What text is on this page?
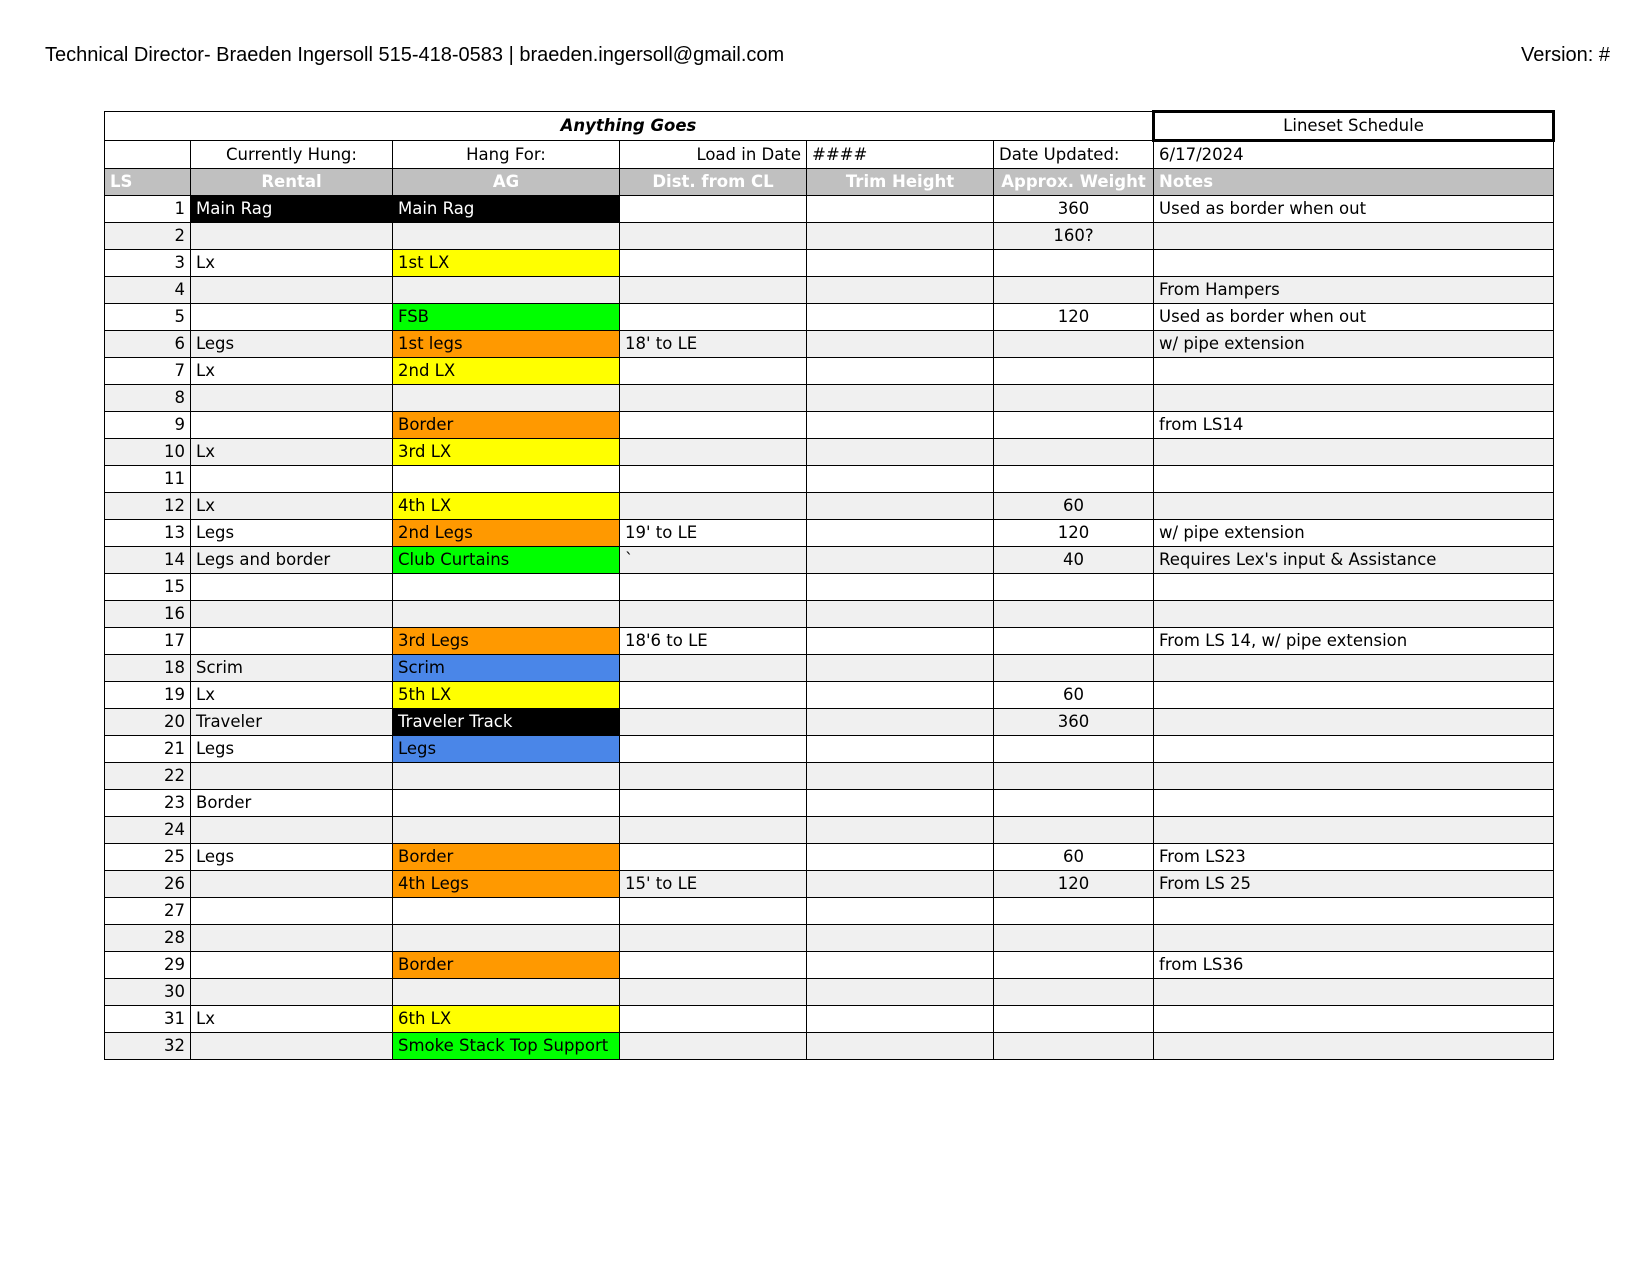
Technical Director- Braeden Ingersoll 515-418-0583 | braeden.ingersoll@gmail.com	Version: #
Anything Goes						Lineset Schedule
	Currently Hung:	Hang For:	Load in Date	####	Date Updated:	6/17/2024
LS	Rental	AG	Dist. from CL	Trim Height	Approx. Weight	Notes
1	Main Rag	Main Rag			360	Used as border when out
2					160?	
3	Lx	1st LX				
4						From Hampers
5		FSB			120	Used as border when out
6	Legs	1st legs	18' to LE			w/ pipe extension
7	Lx	2nd LX				
8						
9		Border				from LS14
10	Lx	3rd LX				
11						
12	Lx	4th LX			60	
13	Legs	2nd Legs	19' to LE		120	w/ pipe extension
14	Legs and border	Club Curtains	`		40	Requires Lex's input & Assistance
15						
16						
17		3rd Legs	18'6 to LE			From LS 14, w/ pipe extension
18	Scrim	Scrim				
19	Lx	5th LX			60	
20	Traveler	Traveler Track			360	
21	Legs	Legs				
22						
23	Border					
24						
25	Legs	Border			60	From LS23
26		4th Legs	15' to LE		120	From LS 25
27						
28						
29		Border				from LS36
30						
31	Lx	6th LX				
32		Smoke Stack Top Support				
